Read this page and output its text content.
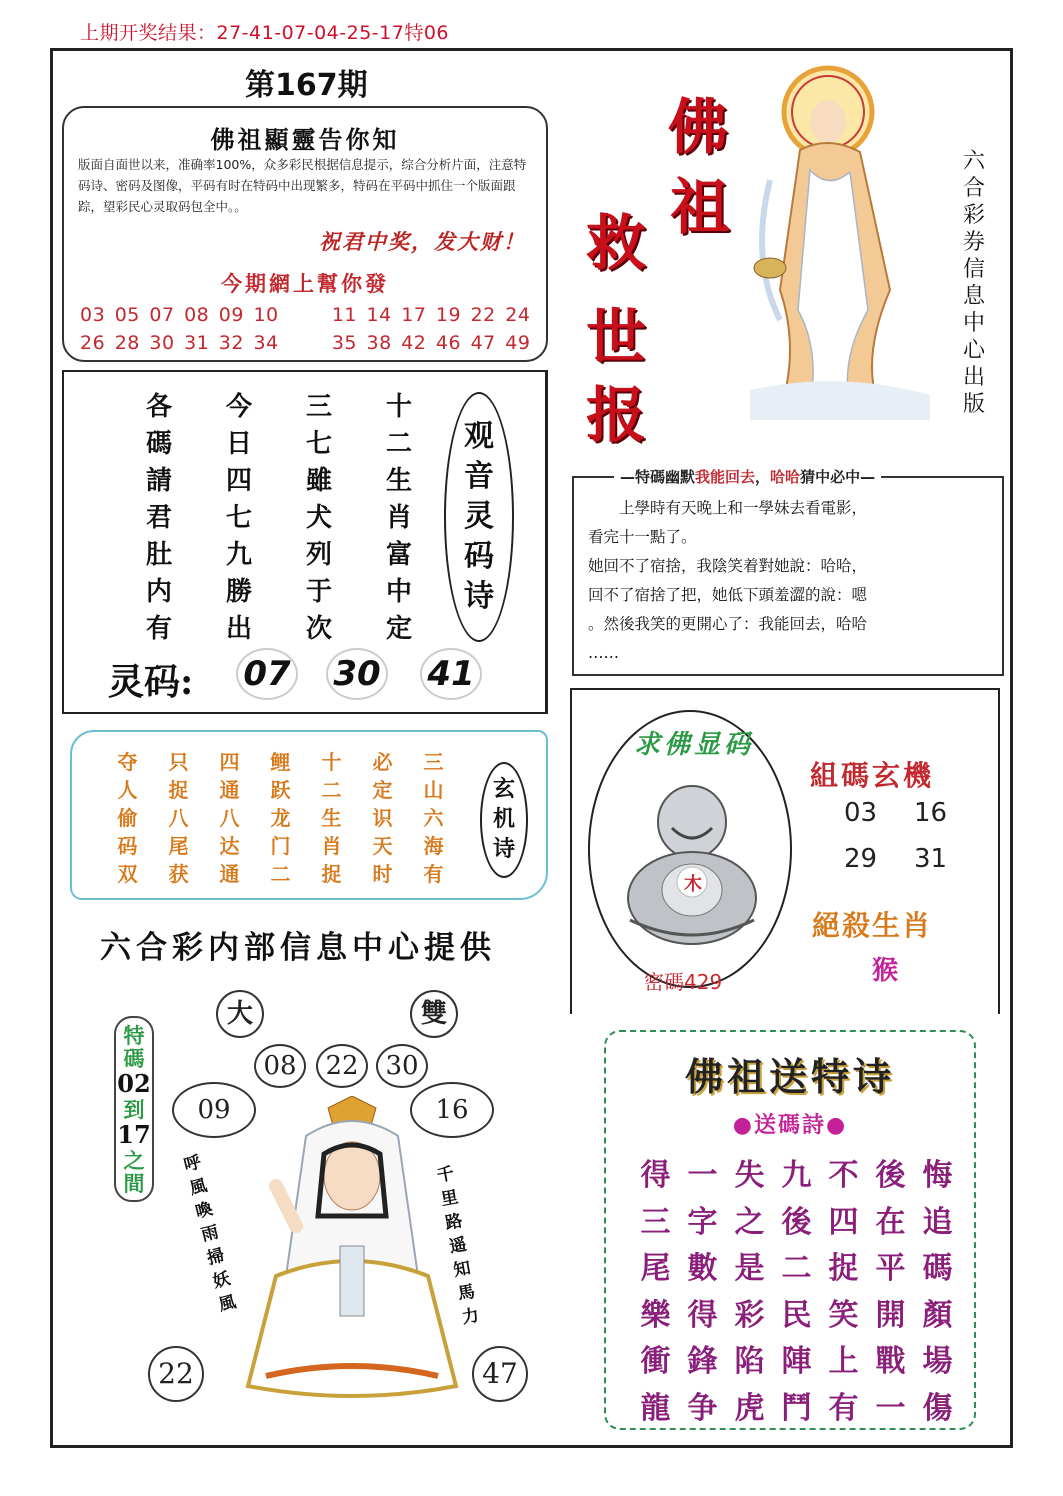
上期开奖结果：27-41-07-04-25-17特06
第167期
佛祖顯靈告你知
版面自面世以来，准确率100%，众多彩民根据信息提示，综合分析片面，注意特码诗、密码及图像，平码有时在特码中出现繁多，特码在平码中抓住一个版面跟踪，望彩民心灵取码包全中。。
祝君中奖，发大财！
今期網上幫你發
03 05 07 08 09 10	11 14 17 19 22 24
26 28 30 31 32 34	35 38 42 46 47 49
各	今	三	十
碼	日	七	二
請	四	雖	生
君	七	犬	肖
肚	九	列	富
内	勝	于	中
有	出	次	定
观
音
灵
码
诗
灵码: 07 30 41
夺	只	四	鲤	十	必	三
人	捉	通	跃	二	定	山
偷	八	八	龙	生	识	六
码	尾	达	门	肖	天	海
双	获	通	二	捉	时	有
玄
机
诗
六合彩内部信息中心提供
佛
祖
救
世
报
六合彩券信息中心出版
—特碼幽默我能回去，哈哈猜中必中—
　　上學時有天晚上和一學妹去看電影，
看完十一點了。
她回不了宿捨，我陰笑着對她說：哈哈，
回不了宿捨了把，她低下頭羞澀的說：嗯
。然後我笑的更開心了：我能回去，哈哈
……
求佛显码
木
密碼429
組碼玄機
03	16
29	31
絕殺生肖
猴
特
碼
02
到
17
之
間
大	雙
08	22	30
09	16
呼
風
喚
雨
掃
妖
風
千
里
路
遥
知
馬
力
22	47
佛祖送特诗
●送碼詩●
得 一 失 九 不 後 悔
三 字 之 後 四 在 追
尾 數 是 二 捉 平 碼
樂 得 彩 民 笑 開 顏
衝 鋒 陷 陣 上 戰 場
龍 争 虎 鬥 有 一 傷
